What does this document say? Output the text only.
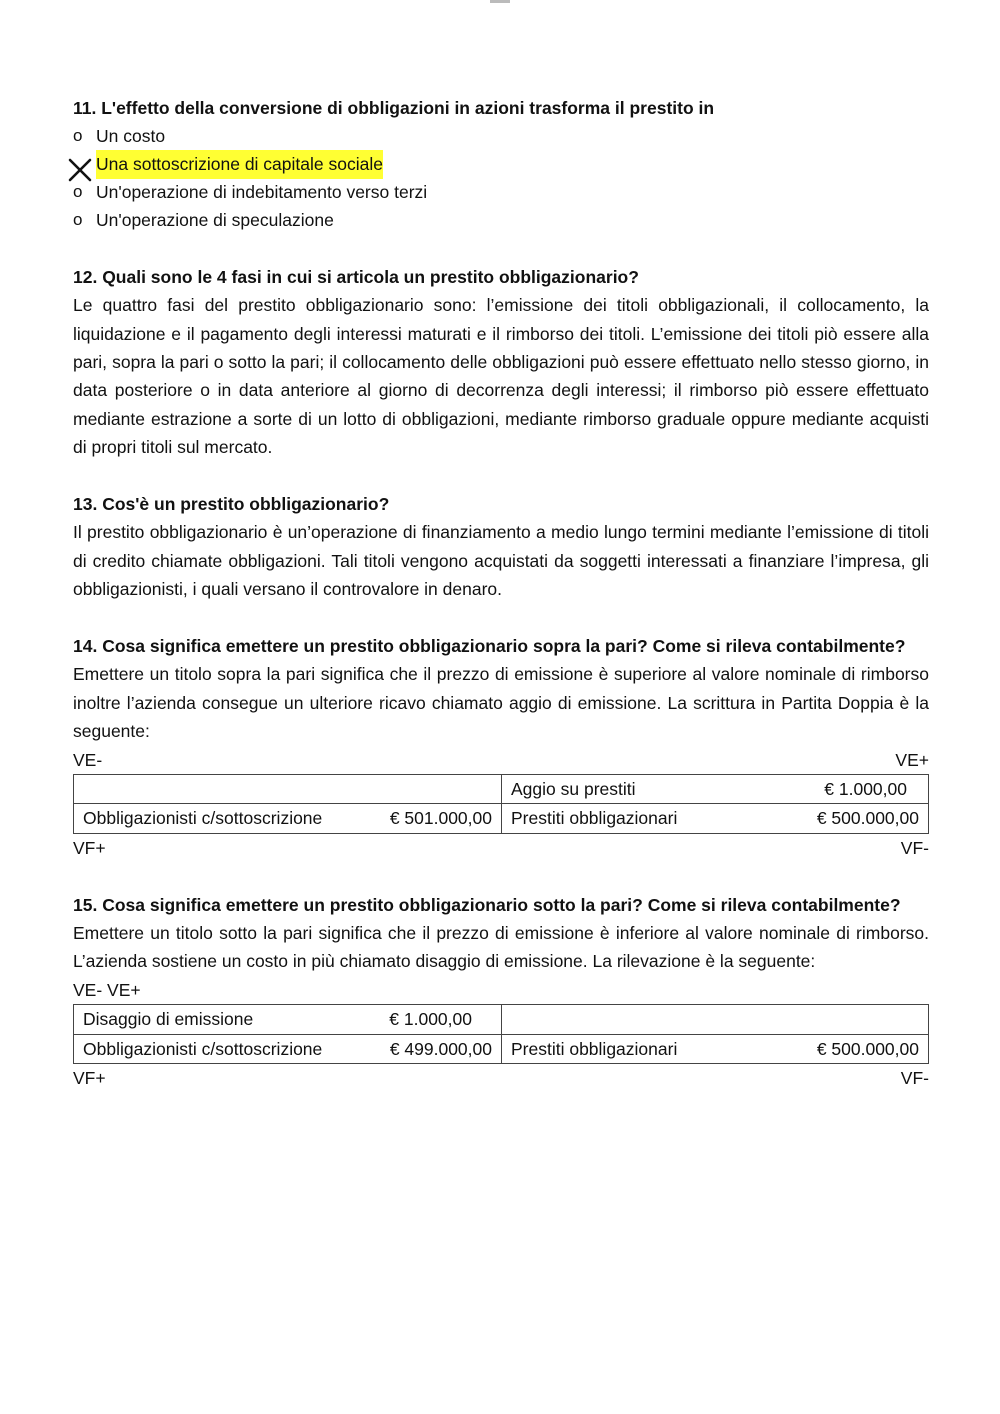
11. L'effetto della conversione di obbligazioni in azioni trasforma il prestito in

o Un costo
Una sottoscrizione di capitale sociale
o Un'operazione di indebitamento verso terzi
o Un'operazione di speculazione

12. Quali sono le 4 fasi in cui si articola un prestito obbligazionario?

Le quattro fasi del prestito obbligazionario sono: l’emissione dei titoli obbligazionali, il collocamento, la liquidazione e il pagamento degli interessi maturati e il rimborso dei titoli. L’emissione dei titoli piò essere alla pari, sopra la pari o sotto la pari; il collocamento delle obbligazioni può essere effettuato nello stesso giorno, in data posteriore o in data anteriore al giorno di decorrenza degli interessi; il rimborso piò essere effettuato mediante estrazione a sorte di un lotto di obbligazioni, mediante rimborso graduale oppure mediante acquisti di propri titoli sul mercato.

13. Cos'è un prestito obbligazionario?

Il prestito obbligazionario è un’operazione di finanziamento a medio lungo termini mediante l’emissione di titoli di credito chiamate obbligazioni. Tali titoli vengono acquistati da soggetti interessati a finanziare l’impresa, gli obbligazionisti, i quali versano il controvalore in denaro.

14. Cosa significa emettere un prestito obbligazionario sopra la pari? Come si rileva contabilmente?

Emettere un titolo sopra la pari significa che il prezzo di emissione è superiore al valore nominale di rimborso inoltre l’azienda consegue un ulteriore ricavo chiamato aggio di emissione. La scrittura in Partita Doppia è la seguente:

VE-	VE+

	Aggio su prestiti € 1.000,00

Obbligazionisti c/sottoscrizione € 501.000,00	Prestiti obbligazionari € 500.000,00
VF+	VF-

15. Cosa significa emettere un prestito obbligazionario sotto la pari? Come si rileva contabilmente?

Emettere un titolo sotto la pari significa che il prezzo di emissione è inferiore al valore nominale di rimborso. L’azienda sostiene un costo in più chiamato disaggio di emissione. La rilevazione è la seguente:

VE- VE+
Disaggio di emissione € 1.000,00	

Obbligazionisti c/sottoscrizione € 499.000,00	Prestiti obbligazionari € 500.000,00
VF+	VF-
